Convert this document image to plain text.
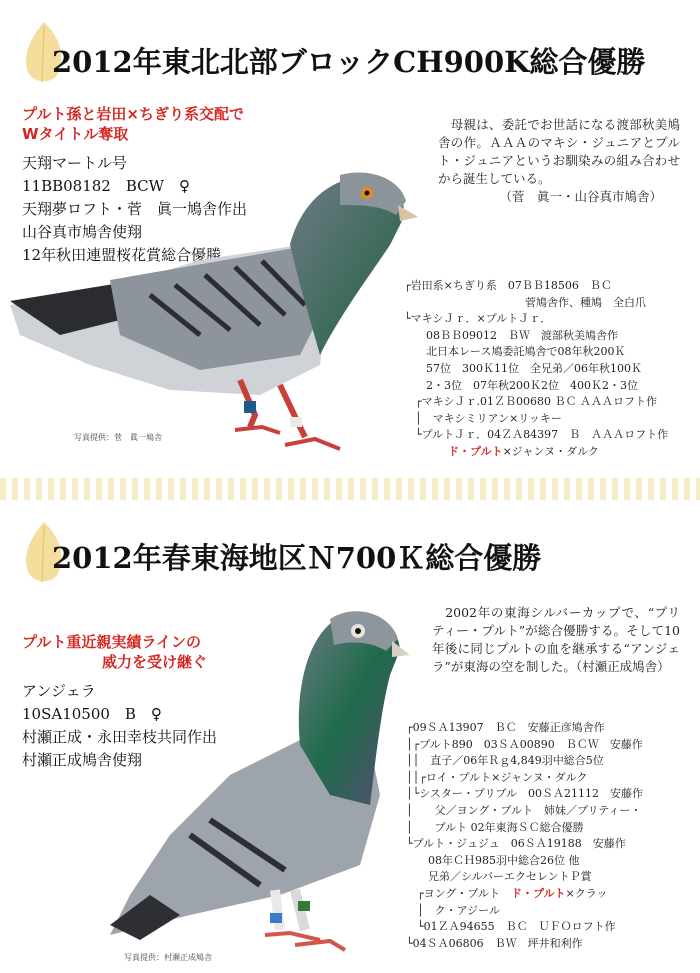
2012年東北北部ブロックCH900K総合優勝
プルト孫と岩田×ちぎり系交配で
Wタイトル奪取
天翔マートル号
11BB08182　BCW　♀
天翔夢ロフト・菅　眞一鳩舎作出
山谷真市鳩舎使翔
12年秋田連盟桜花賞総合優勝
　母親は、委託でお世話になる渡部秋美鳩舎の作。ＡＡＡのマキシ・ジュニアとプルト・ジュニアというお馴染みの組み合わせから誕生している。
（菅　眞一・山谷真市鳩舎）
┌岩田系×ちぎり系　07ＢＢ18506　ＢＣ
　　　　　　　　　　　菅鳩舎作、種鳩　全白爪
└マキシＪｒ．×プルトＪｒ．
　　08ＢＢ09012　ＢＷ　渡部秋美鳩舎作
　　北日本レース鳩委託鳩舎で08年秋200Ｋ
　　57位　300Ｋ11位　全兄弟／06年秋100Ｋ
　　2・3位　07年秋200Ｋ2位　400Ｋ2・3位
　┌マキシＪｒ.01ＺＢ00680 ＢＣ ＡＡＡロフト作
　│　マキシミリアン×リッキー
　└プルトＪｒ．04ＺＡ84397　Ｂ　ＡＡＡロフト作
　　　　ド・プルト×ジャンヌ・ダルク
写真提供：菅　眞一鳩舎
2012年春東海地区Ｎ700Ｋ総合優勝
プルト重近親実績ラインの
威力を受け継ぐ
アンジェラ
10SA10500　B　♀
村瀬正成・永田幸枝共同作出
村瀬正成鳩舎使翔
　2002年の東海シルバーカップで、“プリティー・プルト”が総合優勝する。そして10年後に同じプルトの血を継承する“アンジェラ”が東海の空を制した。（村瀬正成鳩舎）
┌09ＳＡ13907　ＢＣ　安藤正彦鳩舎作
│┌プルト890　03ＳＡ00890　ＢＣＷ　安藤作
││　直子／06年Ｒｇ4,849羽中総合5位
││┌ロイ・プルト×ジャンヌ・ダルク
│└シスター・プリブル　00ＳＡ21112　安藤作
│　　父／ヨング・プルト　姉妹／プリティー・
│　　プルト 02年東海ＳＣ総合優勝
└プルト・ジュジュ　06ＳＡ19188　安藤作
　　08年ＣＨ985羽中総合26位 他
　　兄弟／シルバーエクセレントＰ賞
　┌ヨング・プルト　ド・プルト×クラッ
　│　ク・アジール
　└01ＺＡ94655　ＢＣ　ＵＦＯロフト作
└04ＳＡ06806　ＢＷ　坪井和利作
写真提供：村瀬正成鳩舎
